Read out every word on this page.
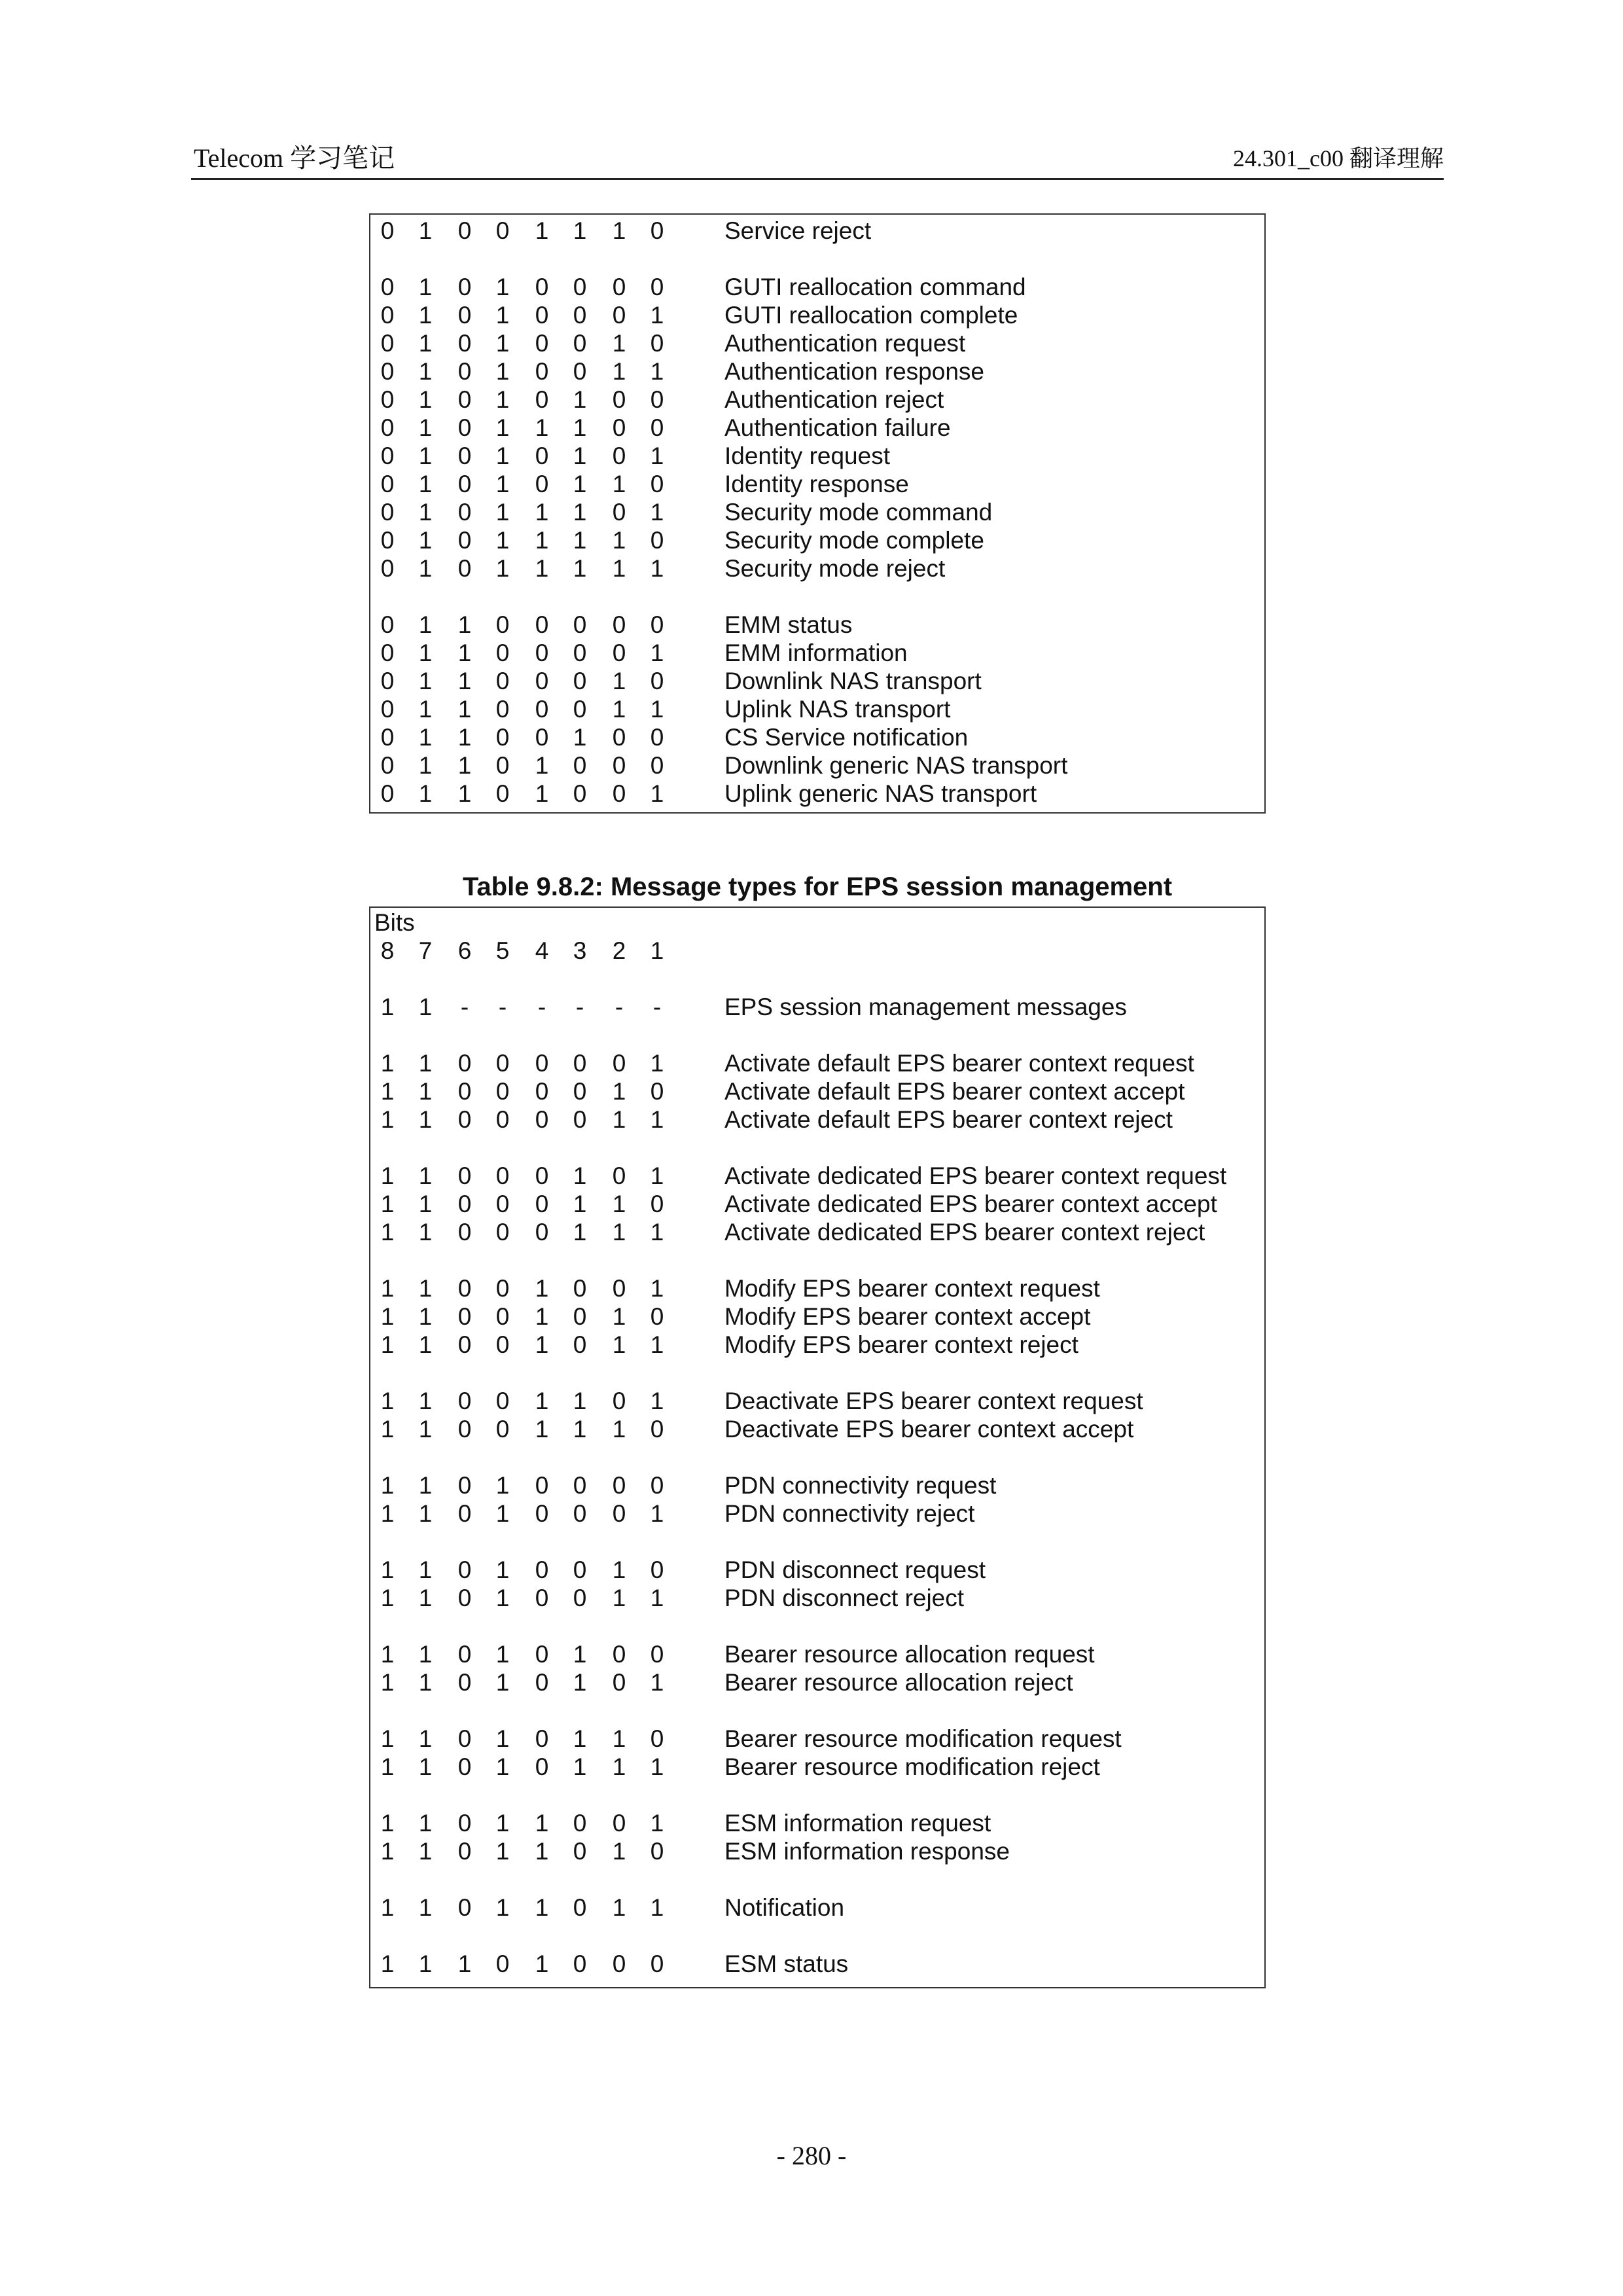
Telecom 学习笔记	24.301_c00 翻译理解
0 1 0 0 1 1 1 0	Service reject
0 1 0 1 0 0 0 0	GUTI reallocation command
0 1 0 1 0 0 0 1	GUTI reallocation complete
0 1 0 1 0 0 1 0	Authentication request
0 1 0 1 0 0 1 1	Authentication response
0 1 0 1 0 1 0 0	Authentication reject
0 1 0 1 1 1 0 0	Authentication failure
0 1 0 1 0 1 0 1	Identity request
0 1 0 1 0 1 1 0	Identity response
0 1 0 1 1 1 0 1	Security mode command
0 1 0 1 1 1 1 0	Security mode complete
0 1 0 1 1 1 1 1	Security mode reject
0 1 1 0 0 0 0 0	EMM status
0 1 1 0 0 0 0 1	EMM information
0 1 1 0 0 0 1 0	Downlink NAS transport
0 1 1 0 0 0 1 1	Uplink NAS transport
0 1 1 0 0 1 0 0	CS Service notification
0 1 1 0 1 0 0 0	Downlink generic NAS transport
0 1 1 0 1 0 0 1	Uplink generic NAS transport
Table 9.8.2: Message types for EPS session management
Bits
8 7 6 5 4 3 2 1
1 1	-	-	-	-	-	-	EPS session management messages
1 1 0 0 0 0 0 1	Activate default EPS bearer context request
1 1 0 0 0 0 1 0	Activate default EPS bearer context accept
1 1 0 0 0 0 1 1	Activate default EPS bearer context reject
1 1 0 0 0 1 0 1	Activate dedicated EPS bearer context request
1 1 0 0 0 1 1 0	Activate dedicated EPS bearer context accept
1 1 0 0 0 1 1 1	Activate dedicated EPS bearer context reject
1 1 0 0 1 0 0 1	Modify EPS bearer context request
1 1 0 0 1 0 1 0	Modify EPS bearer context accept
1 1 0 0 1 0 1 1	Modify EPS bearer context reject
1 1 0 0 1 1 0 1	Deactivate EPS bearer context request
1 1 0 0 1 1 1 0	Deactivate EPS bearer context accept
1 1 0 1 0 0 0 0	PDN connectivity request
1 1 0 1 0 0 0 1	PDN connectivity reject
1 1 0 1 0 0 1 0	PDN disconnect request
1 1 0 1 0 0 1 1	PDN disconnect reject
1 1 0 1 0 1 0 0	Bearer resource allocation request
1 1 0 1 0 1 0 1	Bearer resource allocation reject
1 1 0 1 0 1 1 0	Bearer resource modification request
1 1 0 1 0 1 1 1	Bearer resource modification reject
1 1 0 1 1 0 0 1	ESM information request
1 1 0 1 1 0 1 0	ESM information response
1 1 0 1 1 0 1 1	Notification
1 1 1 0 1 0 0 0	ESM status
- 280 -
